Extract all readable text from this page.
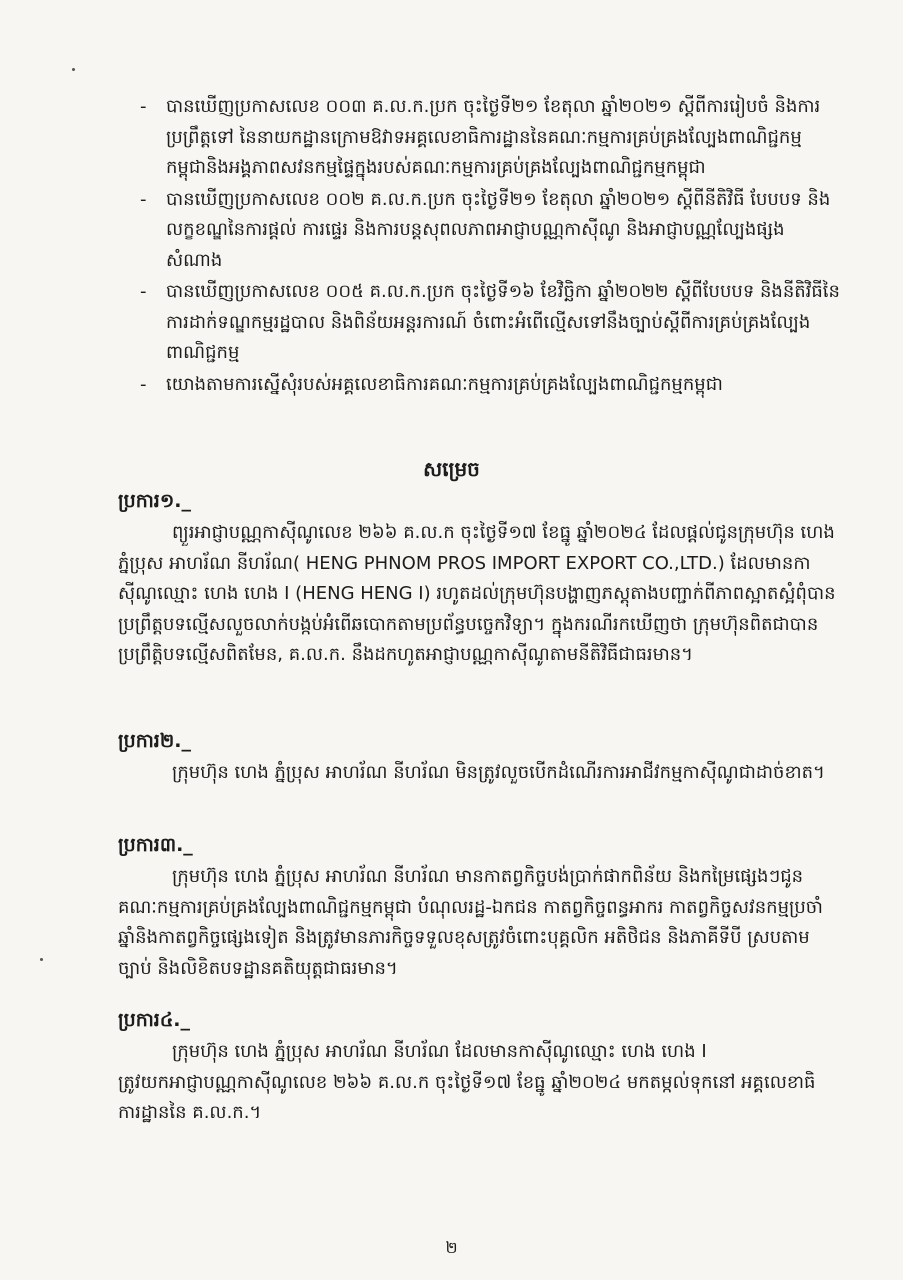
-	បានឃើញប្រកាសលេខ ០០៣ គ.ល.ក.ប្រក ចុះថ្ងៃទី២១ ខែតុលា ឆ្នាំ២០២១ ស្តីពីការរៀបចំ និងការប្រព្រឹត្តទៅ នៃនាយកដ្ឋានក្រោមឱវាទអគ្គលេខាធិការដ្ឋាននៃគណៈកម្មការគ្រប់គ្រងល្បែងពាណិជ្ជកម្មកម្ពុជានិងអង្គភាពសវនកម្មផ្ទៃក្នុងរបស់គណៈកម្មការគ្រប់គ្រងល្បែងពាណិជ្ជកម្មកម្ពុជា
-	បានឃើញប្រកាសលេខ ០០២ គ.ល.ក.ប្រក ចុះថ្ងៃទី២១ ខែតុលា ឆ្នាំ២០២១ ស្តីពីនីតិវិធី បែបបទ និងលក្ខខណ្ឌនៃការផ្តល់ ការផ្ទេរ និងការបន្តសុពលភាពអាជ្ញាបណ្ណកាស៊ីណូ និងអាជ្ញាបណ្ណល្បែងផ្សងសំណាង
-	បានឃើញប្រកាសលេខ ០០៥ គ.ល.ក.ប្រក ចុះថ្ងៃទី១៦ ខែវិច្ឆិកា ឆ្នាំ២០២២ ស្តីពីបែបបទ និងនីតិវិធីនៃការដាក់ទណ្ឌកម្មរដ្ឋបាល និងពិន័យអន្តរការណ៍ ចំពោះអំពើល្មើសទៅនឹងច្បាប់ស្តីពីការគ្រប់គ្រងល្បែងពាណិជ្ជកម្ម
-	យោងតាមការស្នើសុំរបស់អគ្គលេខាធិការគណៈកម្មការគ្រប់គ្រងល្បែងពាណិជ្ជកម្មកម្ពុជា
សម្រេច
ប្រការ១._

ព្យួរអាជ្ញាបណ្ណកាស៊ីណូលេខ ២៦៦ គ.ល.ក ចុះថ្ងៃទី១៧ ខែធ្នូ ឆ្នាំ២០២៤ ដែលផ្តល់ជូនក្រុមហ៊ុន ហេង ភ្នំប្រុស អាហរ័ណ នីហរ័ណ( HENG PHNOM PROS IMPORT EXPORT CO.,LTD.) ដែលមានកាស៊ីណូឈ្មោះ ហេង ហេង I (HENG HENG I) រហូតដល់ក្រុមហ៊ុនបង្ហាញភស្តុតាងបញ្ជាក់ពីភាពស្អាតស្អំពុំបានប្រព្រឹត្តបទល្មើសលួចលាក់បង្កប់អំពើឆបោកតាមប្រព័ន្ធបច្ចេកវិទ្យា។ ក្នុងករណីរកឃើញថា ក្រុមហ៊ុនពិតជាបានប្រព្រឹត្តិបទល្មើសពិតមែន, គ.ល.ក. នឹងដកហូតអាជ្ញាបណ្ណកាស៊ីណូតាមនីតិវិធីជាធរមាន។

ប្រការ២._

ក្រុមហ៊ុន ហេង ភ្នំប្រុស អាហរ័ណ នីហរ័ណ មិនត្រូវលួចបើកដំណើរការអាជីវកម្មកាស៊ីណូជាដាច់ខាត។

ប្រការ៣._

ក្រុមហ៊ុន ហេង ភ្នំប្រុស អាហរ័ណ នីហរ័ណ មានកាតព្វកិច្ចបង់ប្រាក់ផាកពិន័យ និងកម្រៃផ្សេងៗជូនគណៈកម្មការគ្រប់គ្រងល្បែងពាណិជ្ជកម្មកម្ពុជា បំណុលរដ្ឋ-ឯកជន កាតព្វកិច្ចពន្ធអាករ កាតព្វកិច្ចសវនកម្មប្រចាំឆ្នាំនិងកាតព្វកិច្ចផ្សេងទៀត និងត្រូវមានភារកិច្ចទទួលខុសត្រូវចំពោះបុគ្គលិក អតិថិជន និងភាគីទីបី ស្របតាមច្បាប់ និងលិខិតបទដ្ឋានគតិយុត្តជាធរមាន។

ប្រការ៤._

ក្រុមហ៊ុន ហេង ភ្នំប្រុស អាហរ័ណ នីហរ័ណ ដែលមានកាស៊ីណូឈ្មោះ ហេង ហេង I ត្រូវយកអាជ្ញាបណ្ណកាស៊ីណូលេខ ២៦៦ គ.ល.ក ចុះថ្ងៃទី១៧ ខែធ្នូ ឆ្នាំ២០២៤ មកតម្កល់ទុកនៅ អគ្គលេខាធិការដ្ឋាននៃ គ.ល.ក.។

២
